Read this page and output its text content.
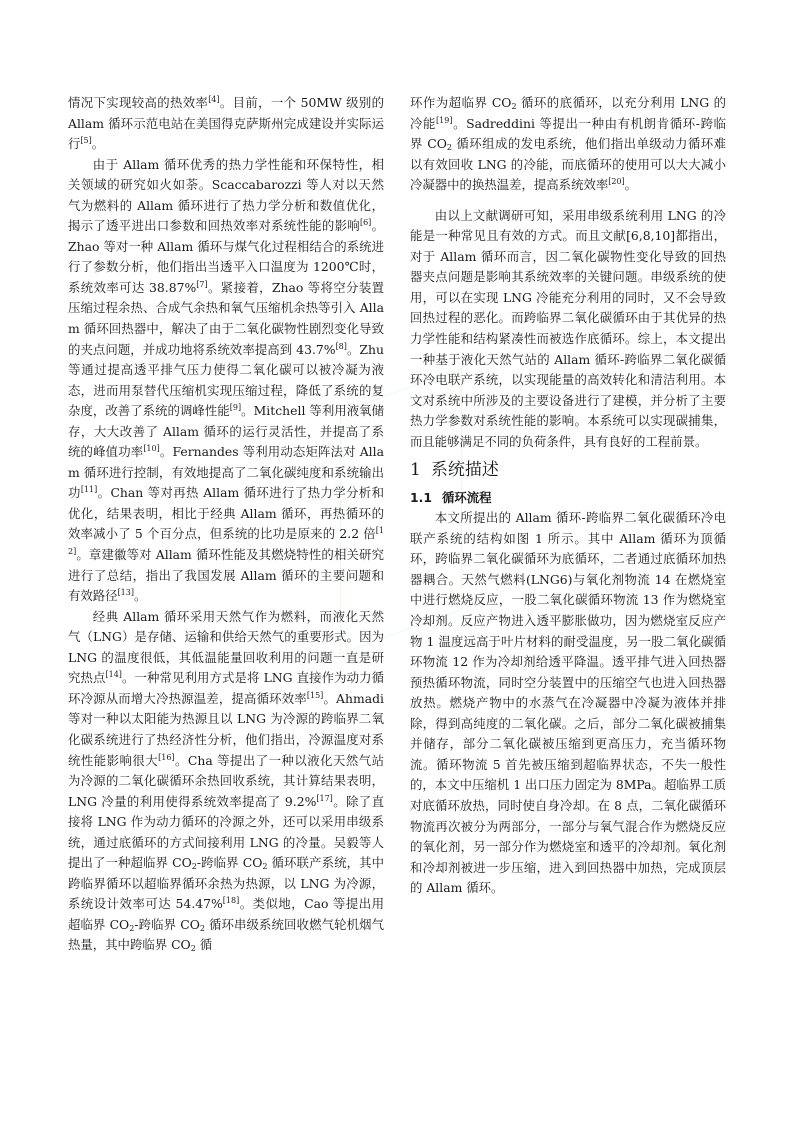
情况下实现较高的热效率[4]。目前，一个 50MW 级别的 Allam 循环示范电站在美国得克萨斯州完成建设并实际运行[5]。

由于 Allam 循环优秀的热力学性能和环保特性，相关领域的研究如火如荼。Scaccabarozzi 等人对以天然气为燃料的 Allam 循环进行了热力学分析和数值优化，揭示了透平进出口参数和回热效率对系统性能的影响[6]。Zhao 等对一种 Allam 循环与煤气化过程相结合的系统进行了参数分析，他们指出当透平入口温度为 1200℃时，系统效率可达 38.87%[7]。紧接着，Zhao 等将空分装置压缩过程余热、合成气余热和氧气压缩机余热等引入 Allam 循环回热器中，解决了由于二氧化碳物性剧烈变化导致的夹点问题，并成功地将系统效率提高到 43.7%[8]。Zhu 等通过提高透平排气压力使得二氧化碳可以被冷凝为液态，进而用泵替代压缩机实现压缩过程，降低了系统的复杂度，改善了系统的调峰性能[9]。Mitchell 等利用液氧储存，大大改善了 Allam 循环的运行灵活性，并提高了系统的峰值功率[10]。Fernandes 等利用动态矩阵法对 Allam 循环进行控制，有效地提高了二氧化碳纯度和系统输出功[11]。Chan 等对再热 Allam 循环进行了热力学分析和优化，结果表明，相比于经典 Allam 循环，再热循环的效率减小了 5 个百分点，但系统的比功是原来的 2.2 倍[12]。章建徽等对 Allam 循环性能及其燃烧特性的相关研究进行了总结，指出了我国发展 Allam 循环的主要问题和有效路径[13]。

经典 Allam 循环采用天然气作为燃料，而液化天然气（LNG）是存储、运输和供给天然气的重要形式。因为 LNG 的温度很低，其低温能量回收利用的问题一直是研究热点[14]。一种常见利用方式是将 LNG 直接作为动力循环冷源从而增大冷热源温差，提高循环效率[15]。Ahmadi 等对一种以太阳能为热源且以 LNG 为冷源的跨临界二氧化碳系统进行了热经济性分析，他们指出，冷源温度对系统性能影响很大[16]。Cha 等提出了一种以液化天然气站为冷源的二氧化碳循环余热回收系统，其计算结果表明，LNG 冷量的利用使得系统效率提高了 9.2%[17]。除了直接将 LNG 作为动力循环的冷源之外，还可以采用串级系统，通过底循环的方式间接利用 LNG 的冷量。吴毅等人提出了一种超临界 $CO_2-$跨临界 $CO_2$ 循环联产系统，其中跨临界循环以超临界循环余热为热源，以 LNG 为冷源，系统设计效率可达 54.47%[18]。类似地，Cao 等提出用超临界 $CO_2-$跨临界 $CO_2$ 循环串级系统回收燃气轮机烟气热量，其中跨临界 $CO_2$ 循

环作为超临界 $CO_2$ 循环的底循环，以充分利用 LNG 的冷能[19]。Sadreddini 等提出一种由有机朗肯循环-跨临界 $CO_2$ 循环组成的发电系统，他们指出单级动力循环难以有效回收 LNG 的冷能，而底循环的使用可以大大减小冷凝器中的换热温差，提高系统效率[20]。

由以上文献调研可知，采用串级系统利用 LNG 的冷能是一种常见且有效的方式。而且文献[6,8,10]都指出，对于 Allam 循环而言，因二氧化碳物性变化导致的回热器夹点问题是影响其系统效率的关键问题。串级系统的使用，可以在实现 LNG 冷能充分利用的同时，又不会导致回热过程的恶化。而跨临界二氧化碳循环由于其优异的热力学性能和结构紧凑性而被选作底循环。综上，本文提出一种基于液化天然气站的 Allam 循环-跨临界二氧化碳循环冷电联产系统，以实现能量的高效转化和清洁利用。本文对系统中所涉及的主要设备进行了建模，并分析了主要热力学参数对系统性能的影响。本系统可以实现碳捕集，而且能够满足不同的负荷条件，具有良好的工程前景。

1 系统描述
1.1 循环流程

本文所提出的 Allam 循环-跨临界二氧化碳循环冷电联产系统的结构如图 1 所示。其中 Allam 循环为顶循环，跨临界二氧化碳循环为底循环，二者通过底循环加热器耦合。天然气燃料(LNG6)与氧化剂物流 14 在燃烧室中进行燃烧反应，一股二氧化碳循环物流 13 作为燃烧室冷却剂。反应产物进入透平膨胀做功，因为燃烧室反应产物 1 温度远高于叶片材料的耐受温度，另一股二氧化碳循环物流 12 作为冷却剂给透平降温。透平排气进入回热器预热循环物流，同时空分装置中的压缩空气也进入回热器放热。燃烧产物中的水蒸气在冷凝器中冷凝为液体并排除，得到高纯度的二氧化碳。之后，部分二氧化碳被捕集并储存，部分二氧化碳被压缩到更高压力，充当循环物流。循环物流 5 首先被压缩到超临界状态，不失一般性的，本文中压缩机 1 出口压力固定为 8MPa。超临界工质对底循环放热，同时使自身冷却。在 8 点，二氧化碳循环物流再次被分为两部分，一部分与氧气混合作为燃烧反应的氧化剂，另一部分作为燃烧室和透平的冷却剂。氧化剂和冷却剂被进一步压缩，进入到回热器中加热，完成顶层的 Allam 循环。
